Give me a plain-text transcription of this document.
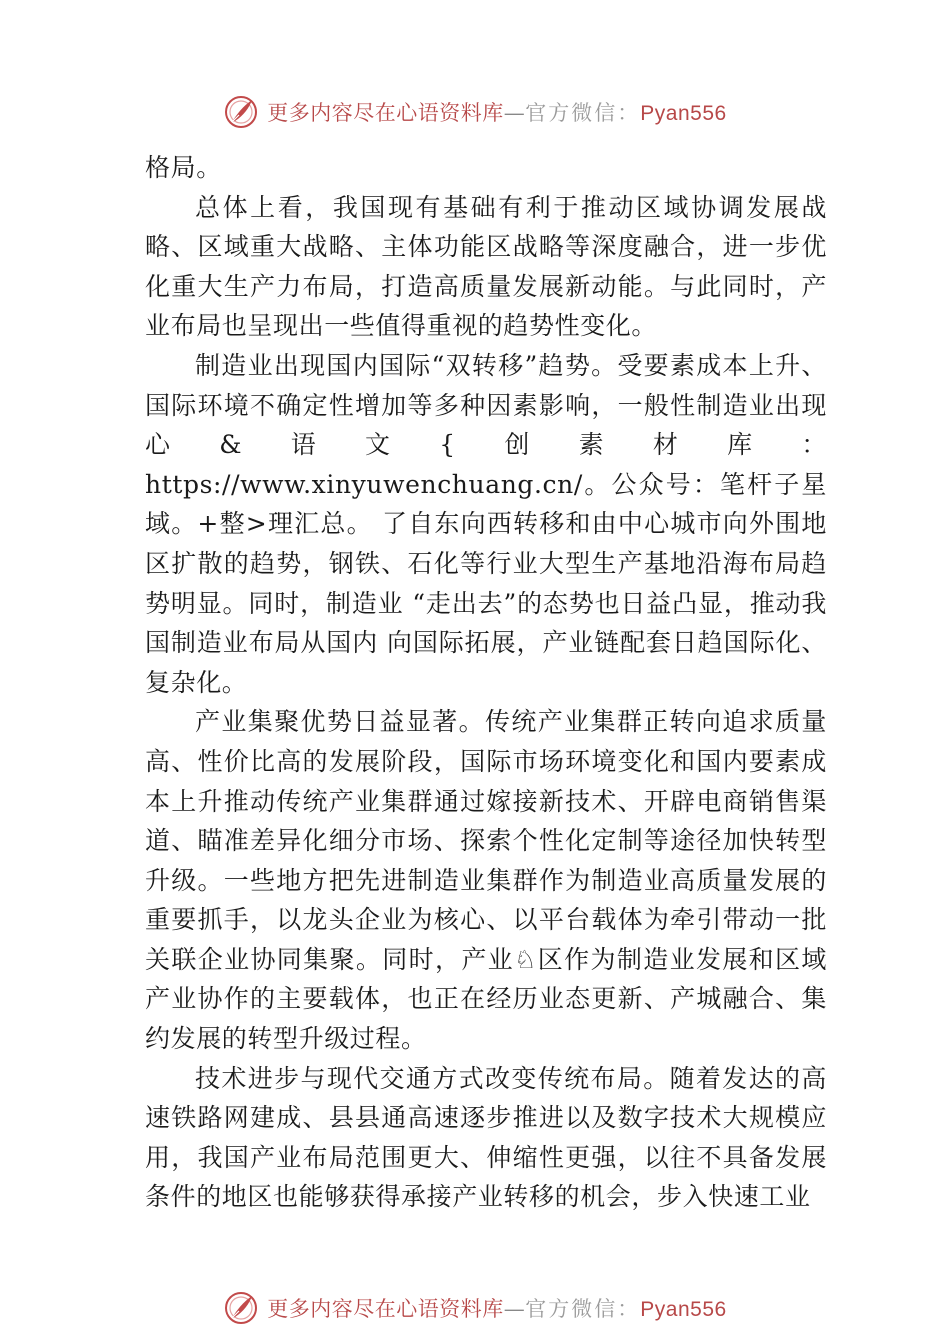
更多内容尽在心语资料库—官方微信：Pyan556

格局。

总体上看，我国现有基础有利于推动区域协调发展战略、区域重大战略、主体功能区战略等深度融合，进一步优化重大生产力布局，打造高质量发展新动能。与此同时，产业布局也呈现出一些值得重视的趋势性变化。

制造业出现国内国际“双转移”趋势。受要素成本上升、 国际环境不确定性增加等多种因素影响，一般性制造业出现心&语文{创素材库：https://www.xinyuwenchuang.cn/。公众号：笔杆子星域。+整>理汇总。 了自东向西转移和由中心城市向外围地区扩散的趋势，钢铁、石化等行业大型生产基地沿海布局趋势明显。同时，制造业 “走出去”的态势也日益凸显，推动我国制造业布局从国内 向国际拓展，产业链配套日趋国际化、复杂化。

产业集聚优势日益显著。传统产业集群正转向追求质量高、性价比高的发展阶段，国际市场环境变化和国内要素成本上升推动传统产业集群通过嫁接新技术、开辟电商销售渠道、瞄准差异化细分市场、探索个性化定制等途径加快转型升级。一些地方把先进制造业集群作为制造业高质量发展的重要抓手，以龙头企业为核心、以平台载体为牵引带动一批关联企业协同集聚。同时，产业♘区作为制造业发展和区域产业协作的主要载体，也正在经历业态更新、产城融合、集约发展的转型升级过程。

技术进步与现代交通方式改变传统布局。随着发达的高速铁路网建成、县县通高速逐步推进以及数字技术大规模应用，我国产业布局范围更大、伸缩性更强，以往不具备发展条件的地区也能够获得承接产业转移的机会，步入快速工业

更多内容尽在心语资料库—官方微信：Pyan556
